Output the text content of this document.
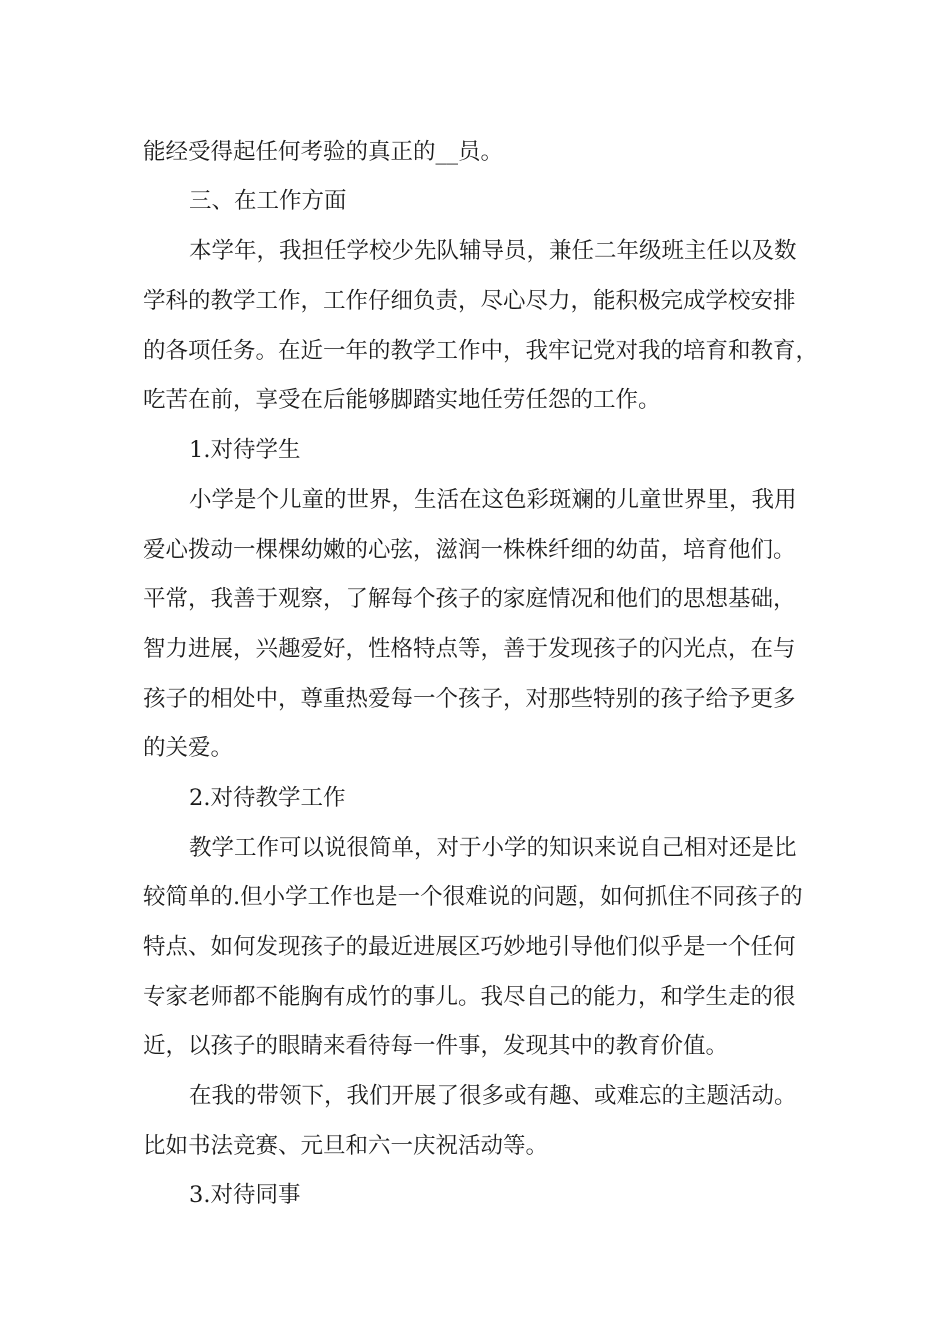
能经受得起任何考验的真正的__员。

三、在工作方面

本学年，我担任学校少先队辅导员，兼任二年级班主任以及数

学科的教学工作，工作仔细负责，尽心尽力，能积极完成学校安排

的各项任务。在近一年的教学工作中，我牢记党对我的培育和教育，

吃苦在前，享受在后能够脚踏实地任劳任怨的工作。

1.对待学生

小学是个儿童的世界，生活在这色彩斑斓的儿童世界里，我用

爱心拨动一棵棵幼嫩的心弦，滋润一株株纤细的幼苗，培育他们。

平常，我善于观察，了解每个孩子的家庭情况和他们的思想基础，

智力进展，兴趣爱好，性格特点等，善于发现孩子的闪光点，在与

孩子的相处中，尊重热爱每一个孩子，对那些特别的孩子给予更多

的关爱。

2.对待教学工作

教学工作可以说很简单，对于小学的知识来说自己相对还是比

较简单的.但小学工作也是一个很难说的问题，如何抓住不同孩子的

特点、如何发现孩子的最近进展区巧妙地引导他们似乎是一个任何

专家老师都不能胸有成竹的事儿。我尽自己的能力，和学生走的很

近，以孩子的眼睛来看待每一件事，发现其中的教育价值。

在我的带领下，我们开展了很多或有趣、或难忘的主题活动。

比如书法竞赛、元旦和六一庆祝活动等。

3.对待同事
